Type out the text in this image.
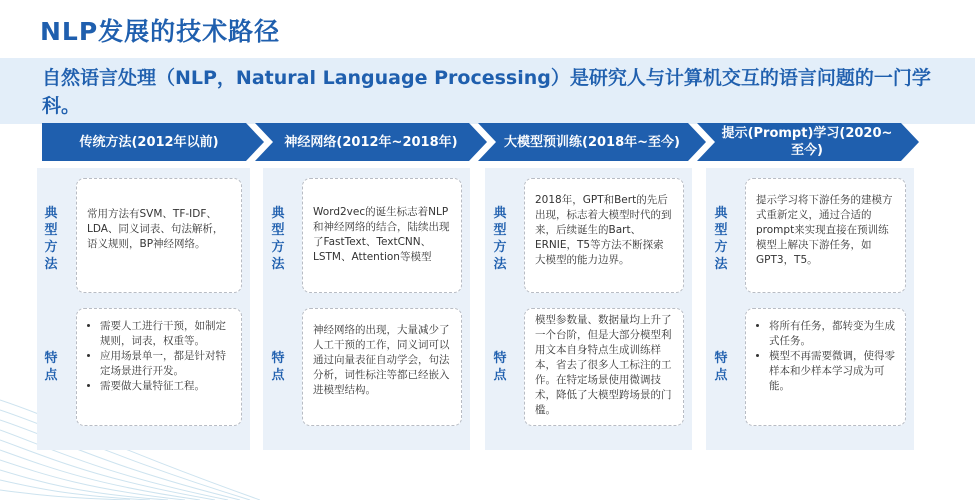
NLP发展的技术路径
自然语言处理（NLP，Natural Language Processing）是研究人与计算机交互的语言问题的一门学科。
传统方法(2012年以前)	神经网络(2012年~2018年)	大模型预训练(2018年~至今)
提示(Prompt)学习(2020~至今)
典型方法
常用方法有SVM、TF-IDF、LDA、同义词表、句法解析，语义规则，BP神经网络。
特点
• 需要人工进行干预，如制定规则，词表，权重等。
• 应用场景单一，都是针对特定场景进行开发。
• 需要做大量特征工程。
典型方法
Word2vec的诞生标志着NLP和神经网络的结合，陆续出现了FastText、TextCNN、LSTM、Attention等模型
特点
神经网络的出现，大量减少了人工干预的工作，同义词可以通过向量表征自动学会，句法分析，词性标注等都已经嵌入进模型结构。
典型方法
2018年，GPT和Bert的先后出现，标志着大模型时代的到来，后续诞生的Bart、ERNIE，T5等方法不断探索大模型的能力边界。
特点
模型参数量、数据量均上升了一个台阶，但是大部分模型利用文本自身特点生成训练样本，省去了很多人工标注的工作。在特定场景使用微调技术，降低了大模型跨场景的门槛。
典型方法
提示学习将下游任务的建模方式重新定义，通过合适的prompt来实现直接在预训练模型上解决下游任务，如GPT3，T5。
特点
• 将所有任务，都转变为生成式任务。
• 模型不再需要微调，使得零样本和少样本学习成为可能。
